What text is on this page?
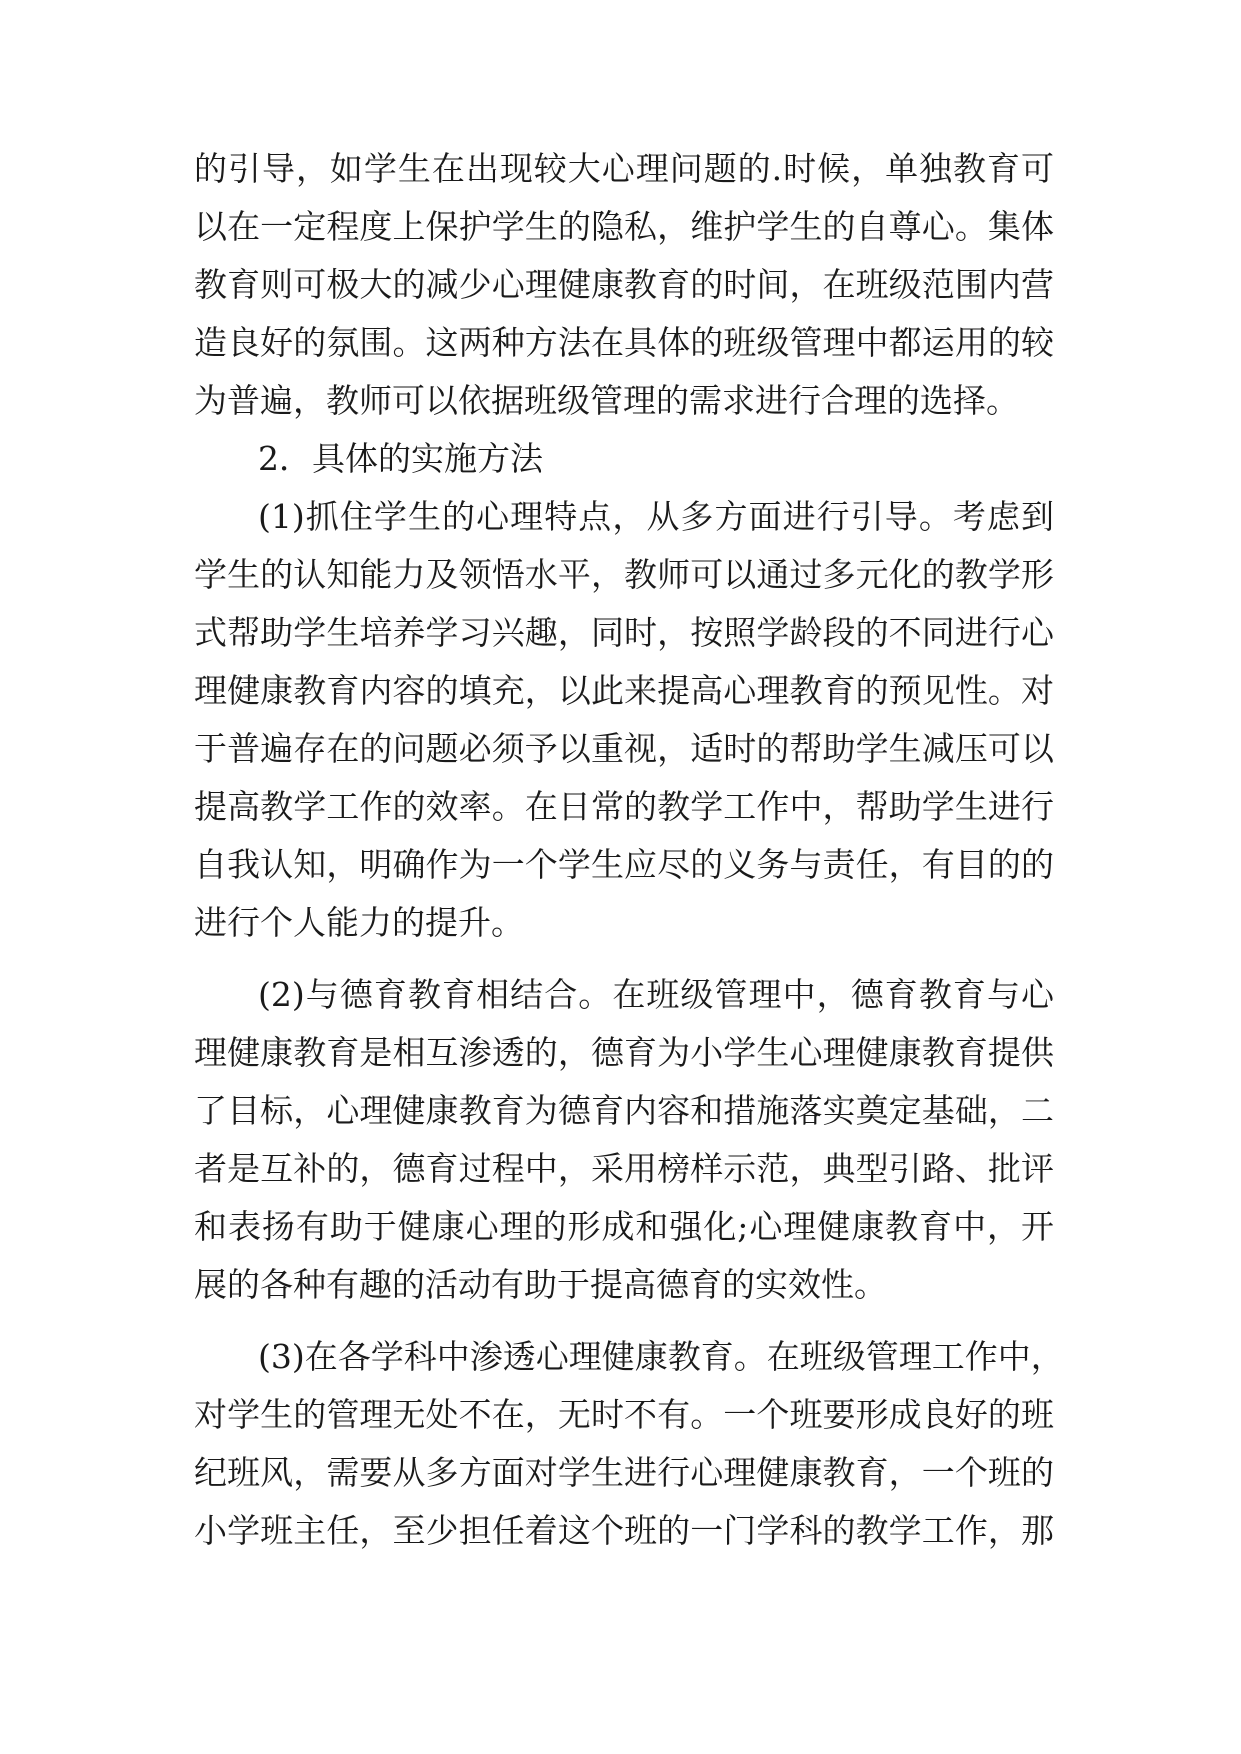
的引导，如学生在出现较大心理问题的.时候，单独教育可
以在一定程度上保护学生的隐私，维护学生的自尊心。集体
教育则可极大的减少心理健康教育的时间，在班级范围内营
造良好的氛围。这两种方法在具体的班级管理中都运用的较
为普遍，教师可以依据班级管理的需求进行合理的选择。
2．具体的实施方法
(1)抓住学生的心理特点，从多方面进行引导。考虑到
学生的认知能力及领悟水平，教师可以通过多元化的教学形
式帮助学生培养学习兴趣，同时，按照学龄段的不同进行心
理健康教育内容的填充，以此来提高心理教育的预见性。对
于普遍存在的问题必须予以重视，适时的帮助学生减压可以
提高教学工作的效率。在日常的教学工作中，帮助学生进行
自我认知，明确作为一个学生应尽的义务与责任，有目的的
进行个人能力的提升。
(2)与德育教育相结合。在班级管理中，德育教育与心
理健康教育是相互渗透的，德育为小学生心理健康教育提供
了目标，心理健康教育为德育内容和措施落实奠定基础，二
者是互补的，德育过程中，采用榜样示范，典型引路、批评
和表扬有助于健康心理的形成和强化;心理健康教育中，开
展的各种有趣的活动有助于提高德育的实效性。
(3)在各学科中渗透心理健康教育。在班级管理工作中，
对学生的管理无处不在，无时不有。一个班要形成良好的班
纪班风，需要从多方面对学生进行心理健康教育，一个班的
小学班主任，至少担任着这个班的一门学科的教学工作，那
